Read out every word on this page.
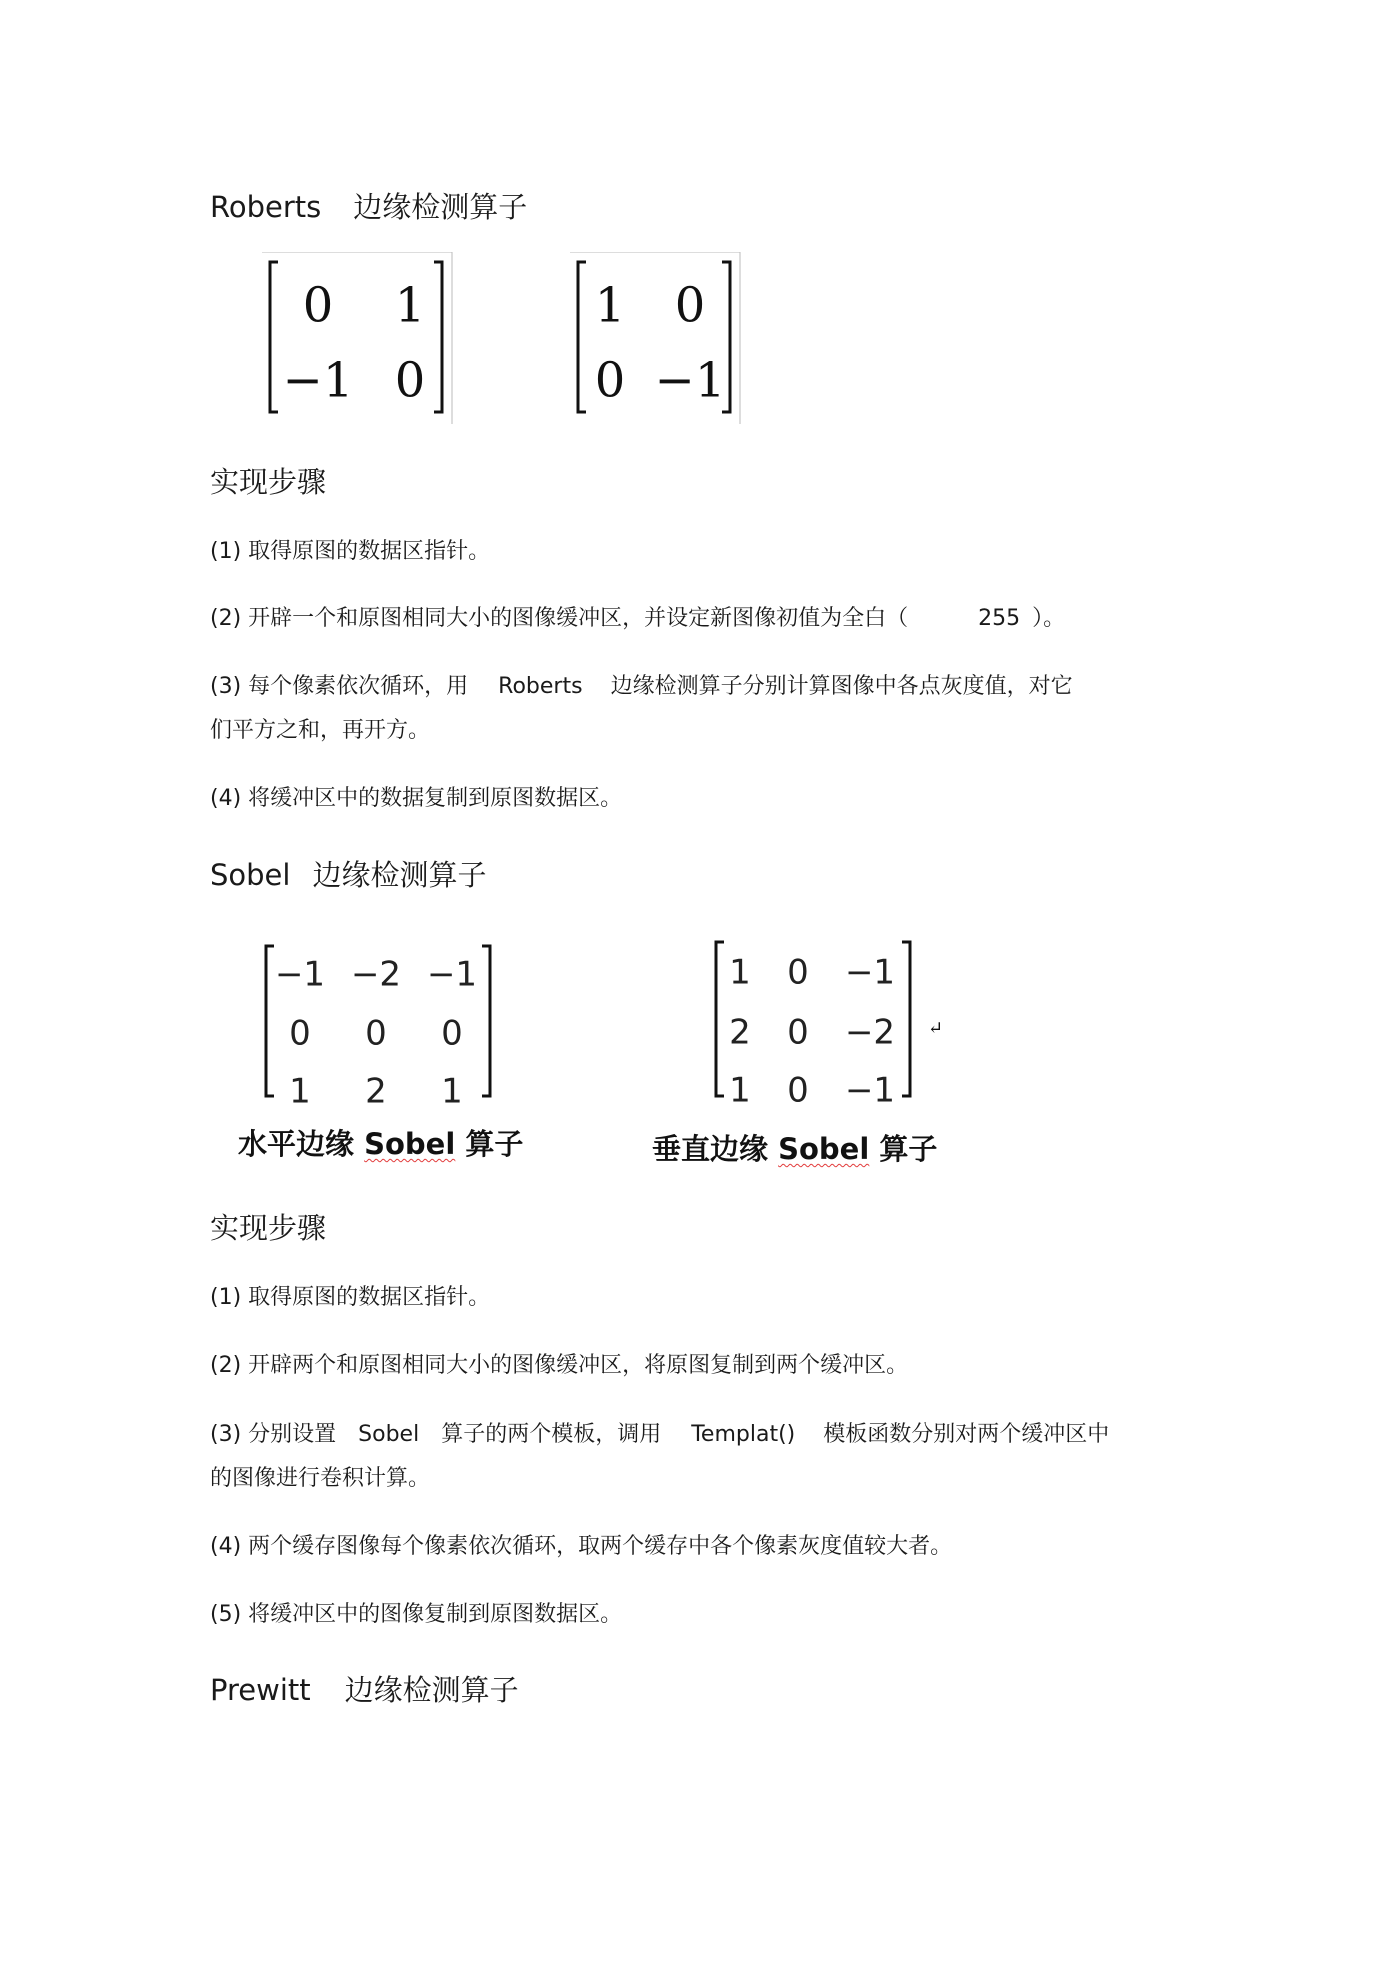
Roberts 边缘检测算子
0 1
−1 0
1 0
0 −1
实现步骤
(1) 取得原图的数据区指针。
(2) 开辟一个和原图相同大小的图像缓冲区，并设定新图像初值为全白（	255 ）。
(3) 每个像素依次循环，用 Roberts 边缘检测算子分别计算图像中各点灰度值，对它
们平方之和，再开方。
(4) 将缓冲区中的数据复制到原图数据区。
Sobel 边缘检测算子
−1 −2 −1
0 0 0
1 2 1
1 0 −1
2 0 −2
1 0 −1
↵
水平边缘 Sobel 算子	垂直边缘 Sobel 算子
实现步骤
(1) 取得原图的数据区指针。
(2) 开辟两个和原图相同大小的图像缓冲区，将原图复制到两个缓冲区。
(3) 分别设置 Sobel 算子的两个模板，调用 Templat() 模板函数分别对两个缓冲区中
的图像进行卷积计算。
(4) 两个缓存图像每个像素依次循环，取两个缓存中各个像素灰度值较大者。
(5) 将缓冲区中的图像复制到原图数据区。
Prewitt 边缘检测算子
